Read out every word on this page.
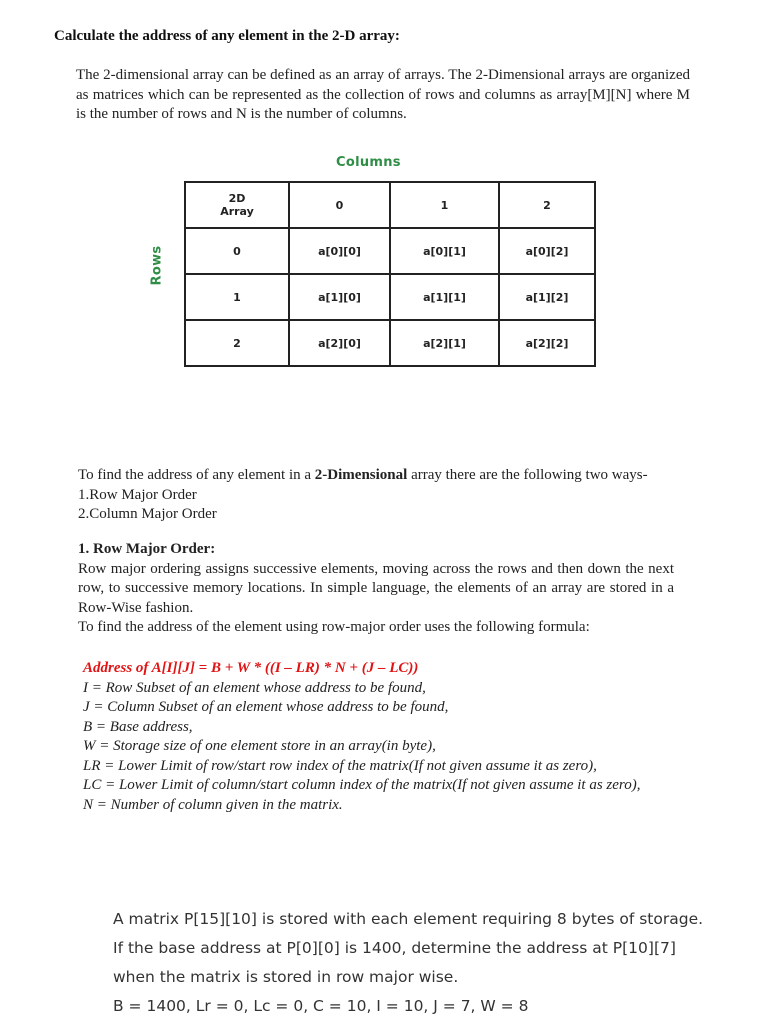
Calculate the address of any element in the 2-D array:
The 2-dimensional array can be defined as an array of arrays. The 2-Dimensional arrays are organized as matrices which can be represented as the collection of rows and columns as array[M][N] where M is the number of rows and N is the number of columns.
Columns
Rows
2D
Array	0	1	2
0	a[0][0]	a[0][1]	a[0][2]
1	a[1][0]	a[1][1]	a[1][2]
2	a[2][0]	a[2][1]	a[2][2]
To find the address of any element in a 2-Dimensional array there are the following two ways-
1.Row Major Order
2.Column Major Order
1. Row Major Order:
Row major ordering assigns successive elements, moving across the rows and then down the next row, to successive memory locations. In simple language, the elements of an array are stored in a Row-Wise fashion.
To find the address of the element using row-major order uses the following formula:
Address of A[I][J] = B + W * ((I – LR) * N + (J – LC))
I = Row Subset of an element whose address to be found,
J = Column Subset of an element whose address to be found,
B = Base address,
W = Storage size of one element store in an array(in byte),
LR = Lower Limit of row/start row index of the matrix(If not given assume it as zero),
LC = Lower Limit of column/start column index of the matrix(If not given assume it as zero),
N = Number of column given in the matrix.
A matrix P[15][10] is stored with each element requiring 8 bytes of storage. If the base address at P[0][0] is 1400, determine the address at P[10][7] when the matrix is stored in row major wise.
B = 1400, Lr = 0, Lc = 0, C = 10, I = 10, J = 7, W = 8
